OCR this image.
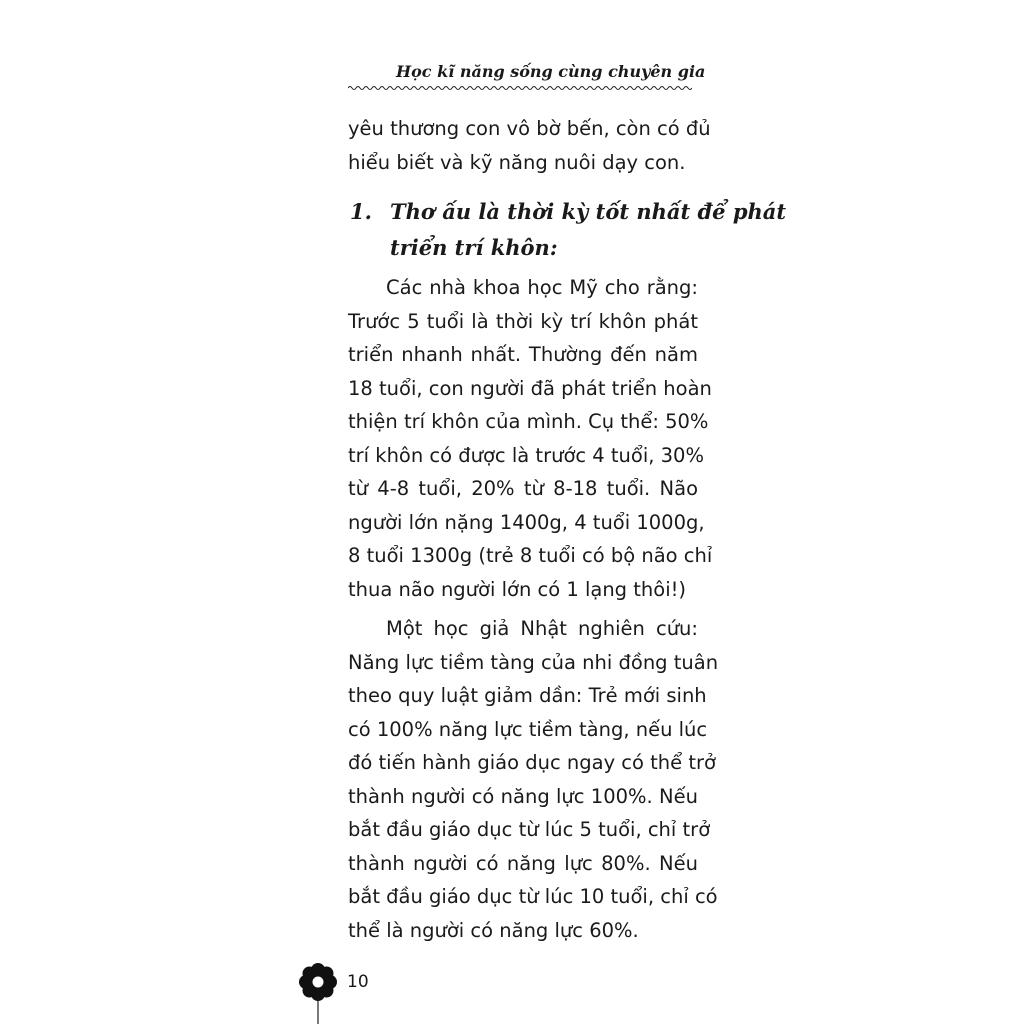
Học kĩ năng sống cùng chuyên gia
yêu thương con vô bờ bến, còn có đủ
hiểu biết và kỹ năng nuôi dạy con.
1. Thơ ấu là thời kỳ tốt nhất để phát
triển trí khôn:
Các nhà khoa học Mỹ cho rằng:
Trước 5 tuổi là thời kỳ trí khôn phát
triển nhanh nhất. Thường đến năm
18 tuổi, con người đã phát triển hoàn
thiện trí khôn của mình. Cụ thể: 50%
trí khôn có được là trước 4 tuổi, 30%
từ 4-8 tuổi, 20% từ 8-18 tuổi. Não
người lớn nặng 1400g, 4 tuổi 1000g,
8 tuổi 1300g (trẻ 8 tuổi có bộ não chỉ
thua não người lớn có 1 lạng thôi!)
Một học giả Nhật nghiên cứu:
Năng lực tiềm tàng của nhi đồng tuân
theo quy luật giảm dần: Trẻ mới sinh
có 100% năng lực tiềm tàng, nếu lúc
đó tiến hành giáo dục ngay có thể trở
thành người có năng lực 100%. Nếu
bắt đầu giáo dục từ lúc 5 tuổi, chỉ trở
thành người có năng lực 80%. Nếu
bắt đầu giáo dục từ lúc 10 tuổi, chỉ có
thể là người có năng lực 60%.
10
